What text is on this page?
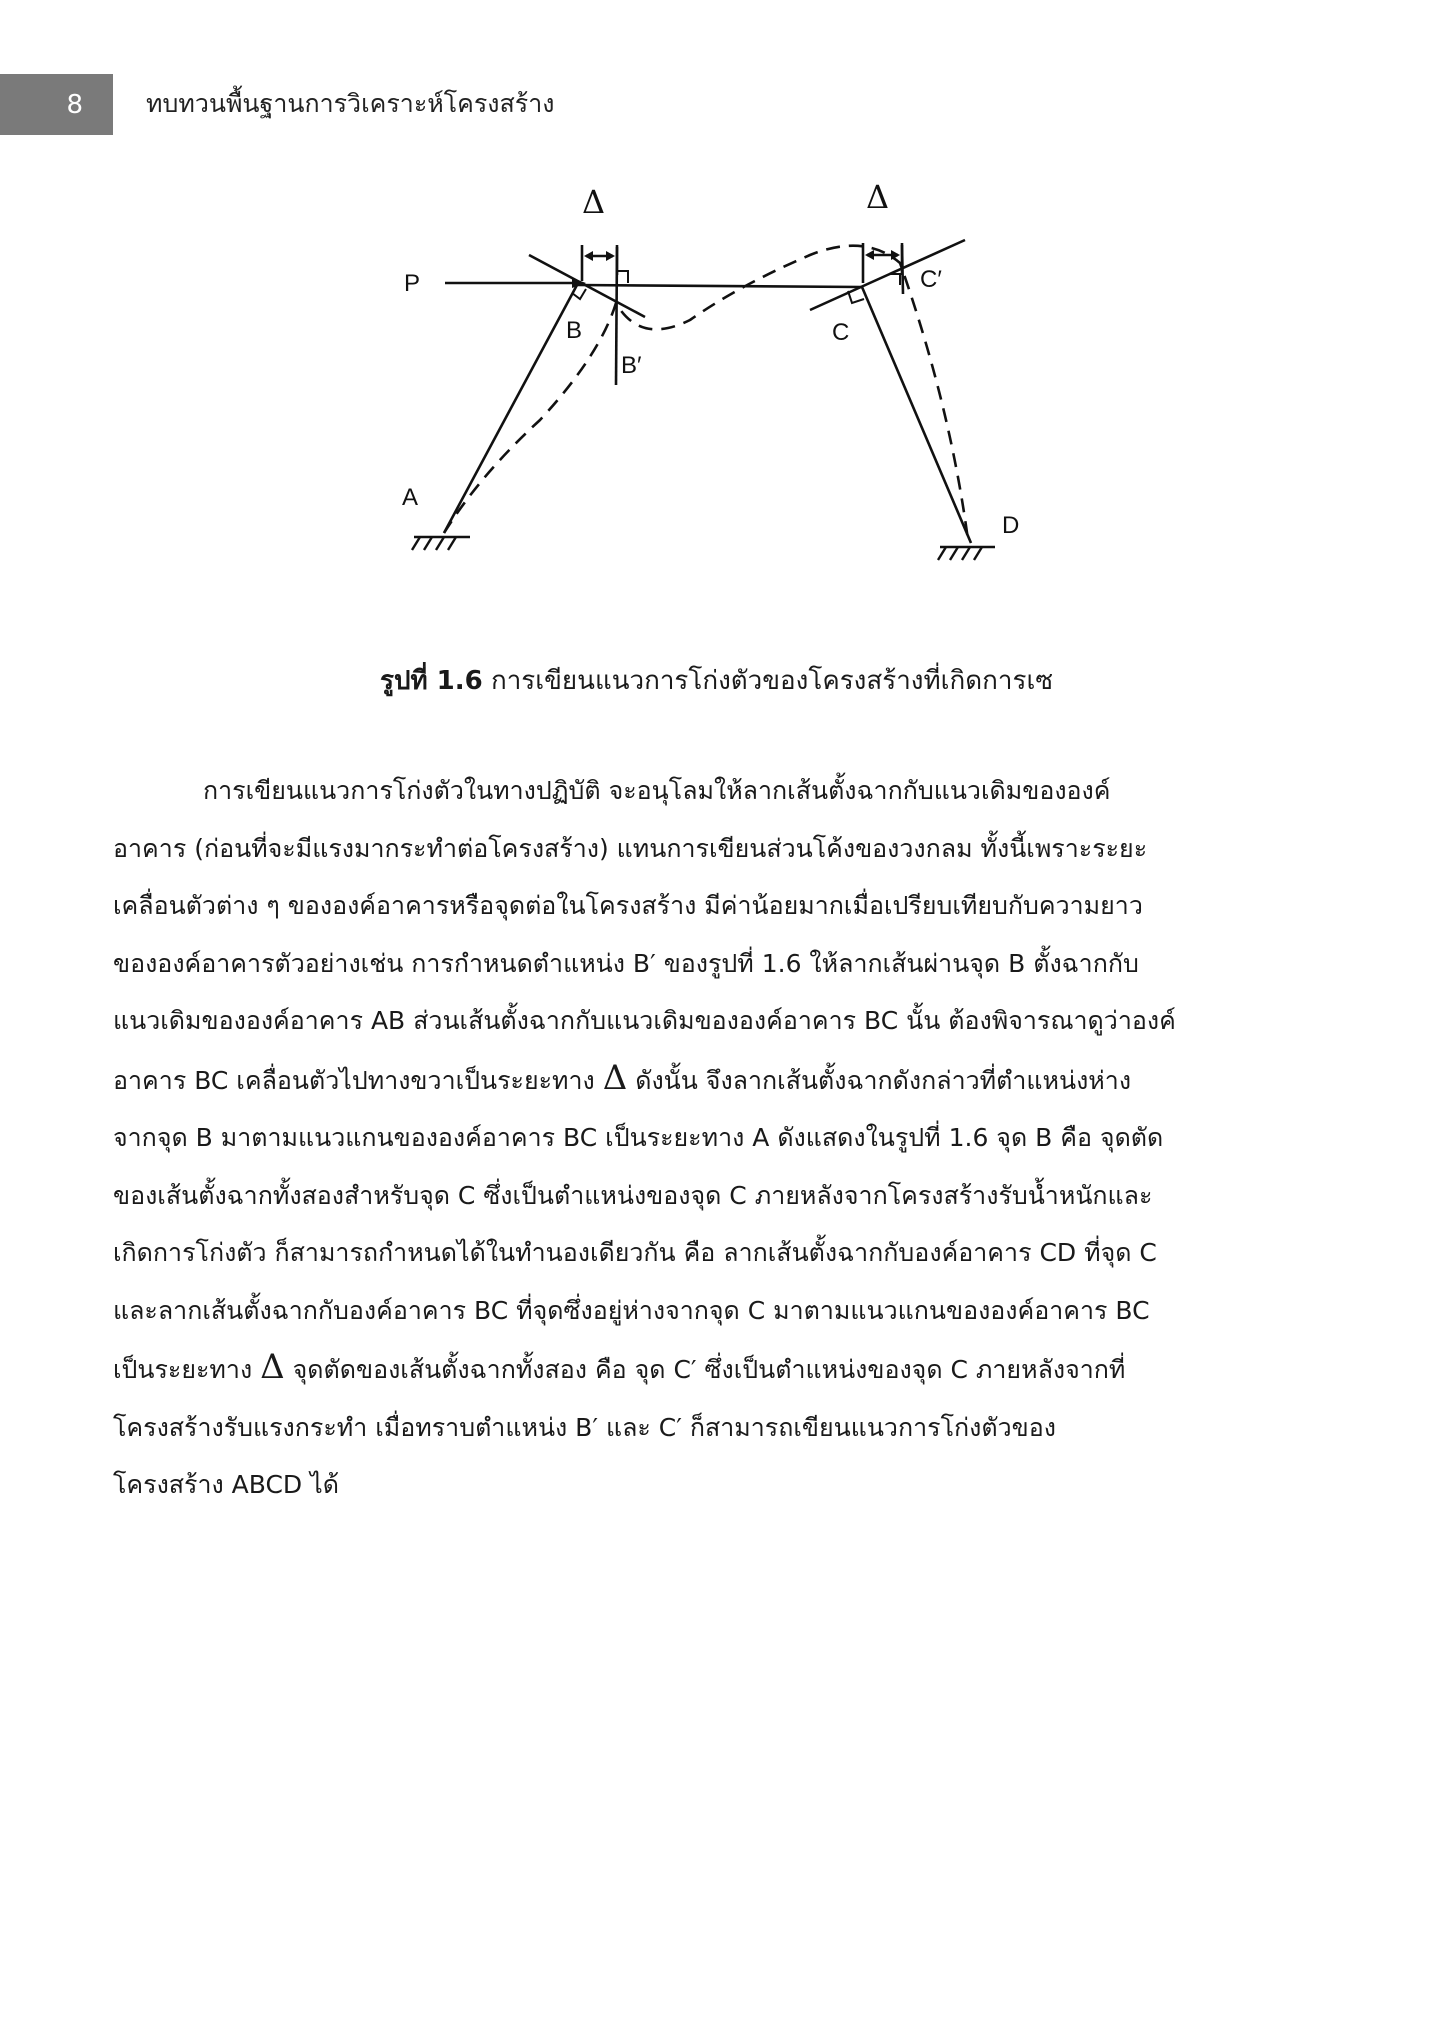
8	ทบทวนพื้นฐานการวิเคราะห์โครงสร้าง
Δ	Δ
P
B
B′
C
C′
A
D
รูปที่ 1.6 การเขียนแนวการโก่งตัวของโครงสร้างที่เกิดการเซ
การเขียนแนวการโก่งตัวในทางปฏิบัติ จะอนุโลมให้ลากเส้นตั้งฉากกับแนวเดิมขององค์
อาคาร (ก่อนที่จะมีแรงมากระทำต่อโครงสร้าง) แทนการเขียนส่วนโค้งของวงกลม ทั้งนี้เพราะระยะ
เคลื่อนตัวต่าง ๆ ขององค์อาคารหรือจุดต่อในโครงสร้าง มีค่าน้อยมากเมื่อเปรียบเทียบกับความยาว
ขององค์อาคารตัวอย่างเช่น การกำหนดตำแหน่ง B′ ของรูปที่ 1.6 ให้ลากเส้นผ่านจุด B ตั้งฉากกับ
แนวเดิมขององค์อาคาร AB ส่วนเส้นตั้งฉากกับแนวเดิมขององค์อาคาร BC นั้น ต้องพิจารณาดูว่าองค์
อาคาร BC เคลื่อนตัวไปทางขวาเป็นระยะทาง Δ ดังนั้น จึงลากเส้นตั้งฉากดังกล่าวที่ตำแหน่งห่าง
จากจุด B มาตามแนวแกนขององค์อาคาร BC เป็นระยะทาง A ดังแสดงในรูปที่ 1.6 จุด B คือ จุดตัด
ของเส้นตั้งฉากทั้งสองสำหรับจุด C ซึ่งเป็นตำแหน่งของจุด C ภายหลังจากโครงสร้างรับน้ำหนักและ
เกิดการโก่งตัว ก็สามารถกำหนดได้ในทำนองเดียวกัน คือ ลากเส้นตั้งฉากกับองค์อาคาร CD ที่จุด C
และลากเส้นตั้งฉากกับองค์อาคาร BC ที่จุดซึ่งอยู่ห่างจากจุด C มาตามแนวแกนขององค์อาคาร BC
เป็นระยะทาง Δ จุดตัดของเส้นตั้งฉากทั้งสอง คือ จุด C′ ซึ่งเป็นตำแหน่งของจุด C ภายหลังจากที่
โครงสร้างรับแรงกระทำ เมื่อทราบตำแหน่ง B′ และ C′ ก็สามารถเขียนแนวการโก่งตัวของ
โครงสร้าง ABCD ได้
